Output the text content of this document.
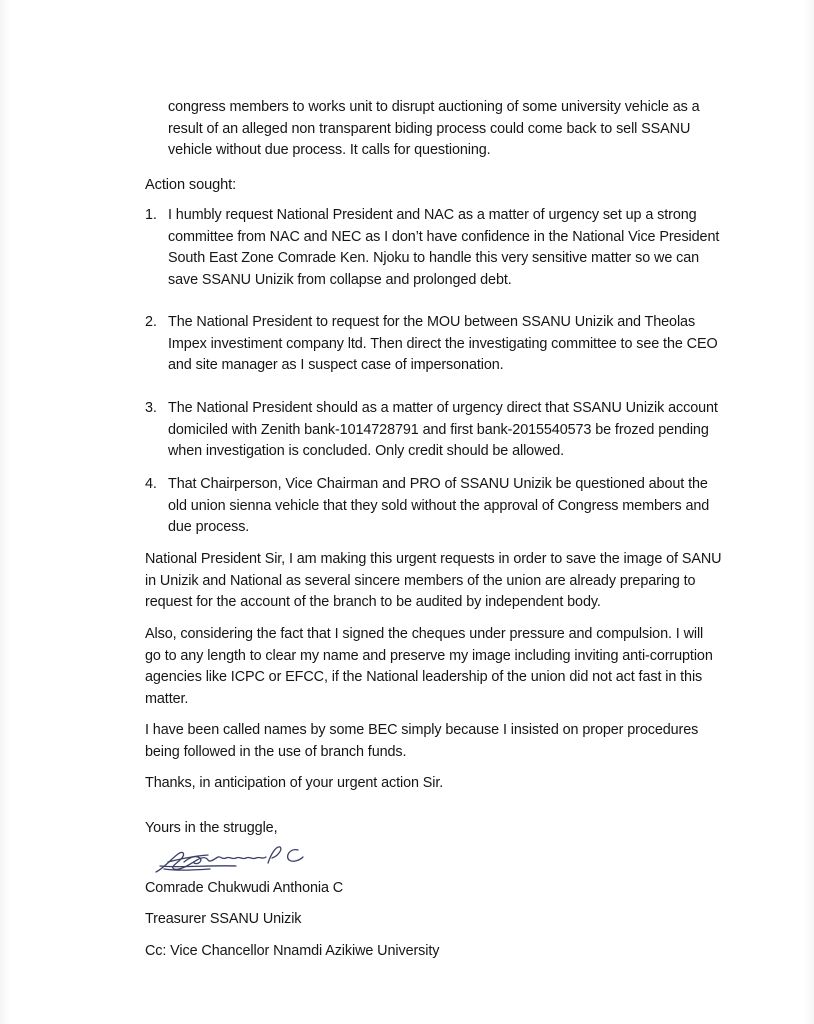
congress members to works unit to disrupt auctioning of some university vehicle as a
result of an alleged non transparent biding process could come back to sell SSANU
vehicle without due process. It calls for questioning.
Action sought:
1. I humbly request National President and NAC as a matter of urgency set up a strong
committee from NAC and NEC as I don’t have confidence in the National Vice President
South East Zone Comrade Ken. Njoku to handle this very sensitive matter so we can
save SSANU Unizik from collapse and prolonged debt.
2. The National President to request for the MOU between SSANU Unizik and Theolas
Impex investiment company ltd. Then direct the investigating committee to see the CEO
and site manager as I suspect case of impersonation.
3. The National President should as a matter of urgency direct that SSANU Unizik account
domiciled with Zenith bank-1014728791 and first bank-2015540573 be frozed pending
when investigation is concluded. Only credit should be allowed.
4. That Chairperson, Vice Chairman and PRO of SSANU Unizik be questioned about the
old union sienna vehicle that they sold without the approval of Congress members and
due process.
National President Sir, I am making this urgent requests in order to save the image of SANU
in Unizik and National as several sincere members of the union are already preparing to
request for the account of the branch to be audited by independent body.
Also, considering the fact that I signed the cheques under pressure and compulsion. I will
go to any length to clear my name and preserve my image including inviting anti-corruption
agencies like ICPC or EFCC, if the National leadership of the union did not act fast in this
matter.
I have been called names by some BEC simply because I insisted on proper procedures
being followed in the use of branch funds.
Thanks, in anticipation of your urgent action Sir.
Yours in the struggle,
Comrade Chukwudi Anthonia C
Treasurer SSANU Unizik
Cc: Vice Chancellor Nnamdi Azikiwe University
